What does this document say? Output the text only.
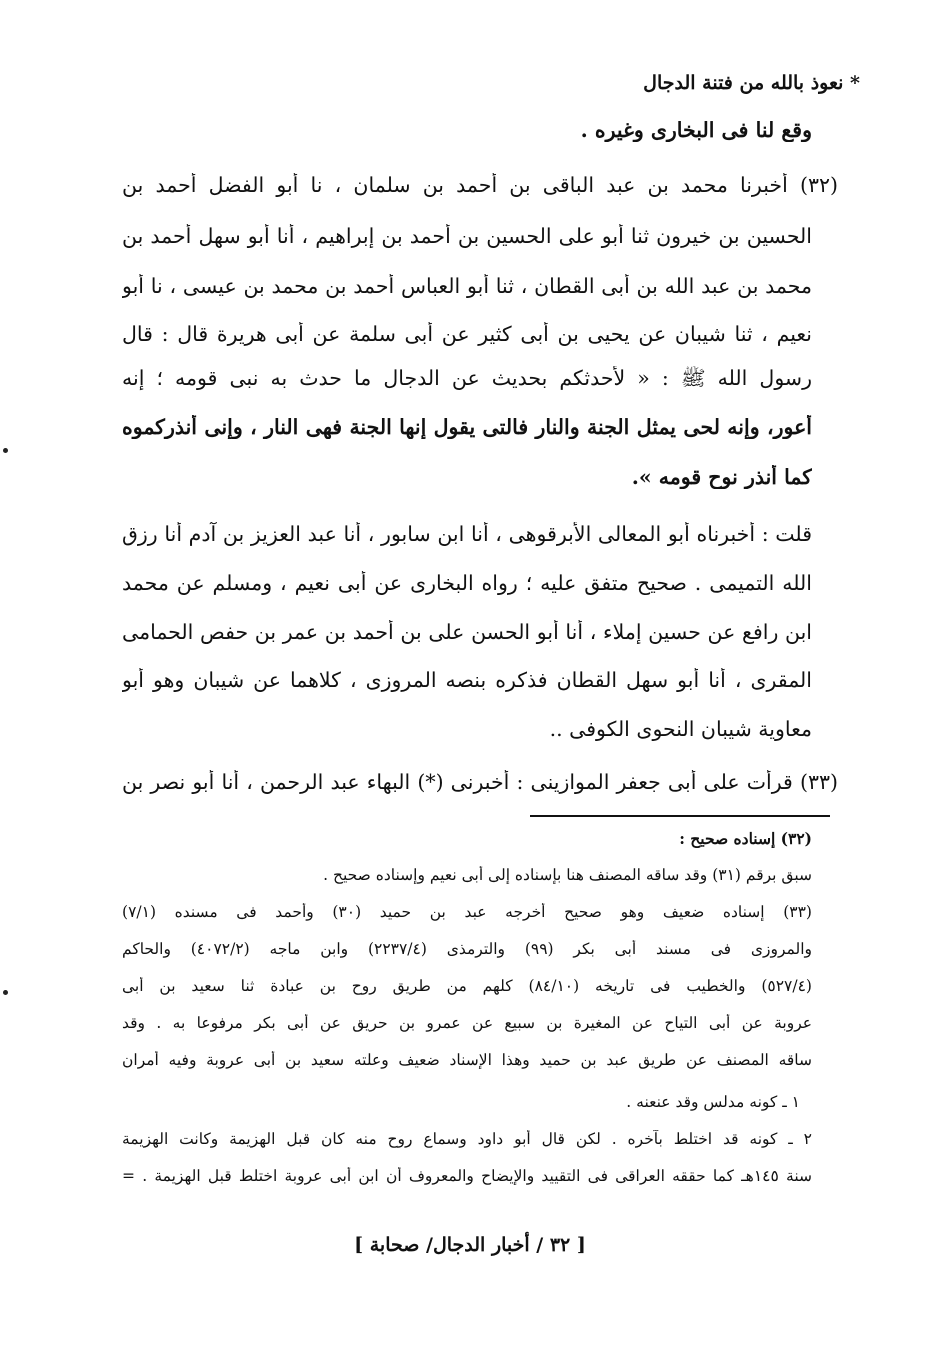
* نعوذ بالله من فتنة الدجال
وقع لنا فى البخارى وغيره .
(٣٢) أخبرنا محمد بن عبد الباقى بن أحمد بن سلمان ، نا أبو الفضل أحمد بن
الحسين بن خيرون ثنا أبو على الحسين بن أحمد بن إبراهيم ، أنا أبو سهل أحمد بن
محمد بن عبد الله بن أبى القطان ، ثنا أبو العباس أحمد بن محمد بن عيسى ، نا أبو
نعيم ، ثنا شيبان عن يحيى بن أبى كثير عن أبى سلمة عن أبى هريرة قال : قال
رسول الله ﷺ : « لأحدثكم بحديث عن الدجال ما حدث به نبى قومه ؛ إنه
أعور، وإنه لحى يمثل الجنة والنار فالتى يقول إنها الجنة فهى النار ، وإنى أنذركموه
كما أنذر نوح قومه ».
قلت : أخبرناه أبو المعالى الأبرقوهى ، أنا ابن سابور ، أنا عبد العزيز بن آدم أنا رزق
الله التميمى . صحيح متفق عليه ؛ رواه البخارى عن أبى نعيم ، ومسلم عن محمد
ابن رافع عن حسين إملاء ، أنا أبو الحسن على بن أحمد بن عمر بن حفص الحمامى
المقرى ، أنا أبو سهل القطان فذكره بنصه المروزى ، كلاهما عن شيبان وهو أبو
معاوية شيبان النحوى الكوفى ..
(٣٣) قرأت على أبى جعفر الموازينى : أخبرنى (*) البهاء عبد الرحمن ، أنا أبو نصر بن
(٣٢) إسناده صحيح :
سبق برقم (٣١) وقد ساقه المصنف هنا بإسناده إلى أبى نعيم وإسناده صحيح .
(٣٣) إسناده ضعيف وهو صحيح أخرجه عبد بن حميد (٣٠) وأحمد فى مسنده (٧/١)
والمروزى فى مسند أبى بكر (٩٩) والترمذى (٢٢٣٧/٤) وابن ماجه (٤٠٧٢/٢) والحاكم
(٥٢٧/٤) والخطيب فى تاريخه (٨٤/١٠) كلهم من طريق روح بن عبادة ثنا سعيد بن أبى
عروبة عن أبى التياح عن المغيرة بن سبيع عن عمرو بن حريق عن أبى بكر مرفوعا به . وقد
ساقه المصنف عن طريق عبد بن حميد وهذا الإسناد ضعيف وعلته سعيد بن أبى عروبة وفيه أمران
١ ـ كونه مدلس وقد عنعنه .
٢ ـ كونه قد اختلط بآخره . لكن قال أبو داود وسماع روح منه كان قبل الهزيمة وكانت الهزيمة
سنة ١٤٥هـ كما حققه العراقى فى التقييد والإيضاح والمعروف أن ابن أبى عروبة اختلط قبل الهزيمة . =
[ ٣٢ / أخبار الدجال/ صحابة ]
